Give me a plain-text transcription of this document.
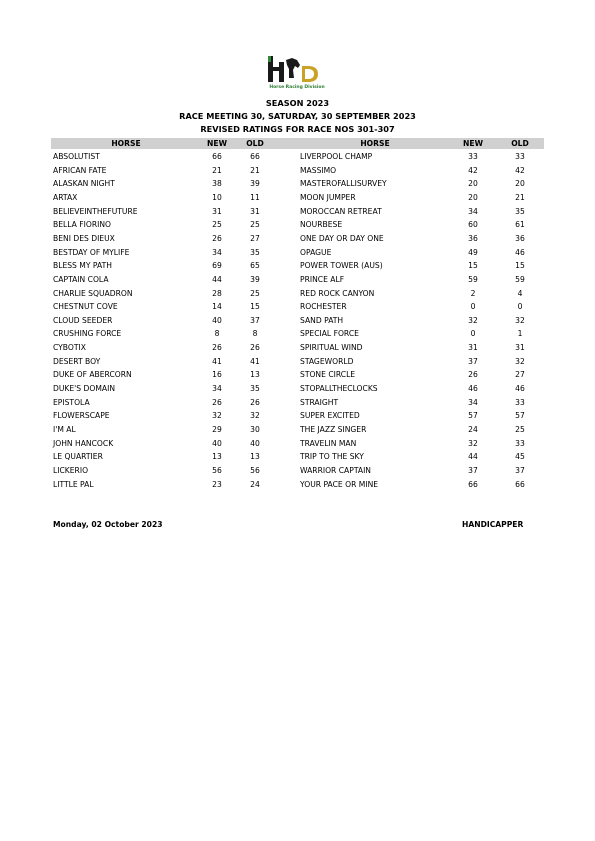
Horse Racing Division
SEASON 2023
RACE MEETING 30, SATURDAY, 30 SEPTEMBER 2023
REVISED RATINGS FOR RACE NOS 301-307
HORSE	NEW	OLD	HORSE	NEW	OLD
ABSOLUTIST	66	66	LIVERPOOL CHAMP	33	33
AFRICAN FATE	21	21	MASSIMO	42	42
ALASKAN NIGHT	38	39	MASTEROFALLISURVEY	20	20
ARTAX	10	11	MOON JUMPER	20	21
BELIEVEINTHEFUTURE	31	31	MOROCCAN RETREAT	34	35
BELLA FIORINO	25	25	NOURBESE	60	61
BENI DES DIEUX	26	27	ONE DAY OR DAY ONE	36	36
BESTDAY OF MYLIFE	34	35	OPAGUE	49	46
BLESS MY PATH	69	65	POWER TOWER (AUS)	15	15
CAPTAIN COLA	44	39	PRINCE ALF	59	59
CHARLIE SQUADRON	28	25	RED ROCK CANYON	2	4
CHESTNUT COVE	14	15	ROCHESTER	0	0
CLOUD SEEDER	40	37	SAND PATH	32	32
CRUSHING FORCE	8	8	SPECIAL FORCE	0	1
CYBOTIX	26	26	SPIRITUAL WIND	31	31
DESERT BOY	41	41	STAGEWORLD	37	32
DUKE OF ABERCORN	16	13	STONE CIRCLE	26	27
DUKE'S DOMAIN	34	35	STOPALLTHECLOCKS	46	46
EPISTOLA	26	26	STRAIGHT	34	33
FLOWERSCAPE	32	32	SUPER EXCITED	57	57
I'M AL	29	30	THE JAZZ SINGER	24	25
JOHN HANCOCK	40	40	TRAVELIN MAN	32	33
LE QUARTIER	13	13	TRIP TO THE SKY	44	45
LICKERIO	56	56	WARRIOR CAPTAIN	37	37
LITTLE PAL	23	24	YOUR PACE OR MINE	66	66
Monday, 02 October 2023	HANDICAPPER
